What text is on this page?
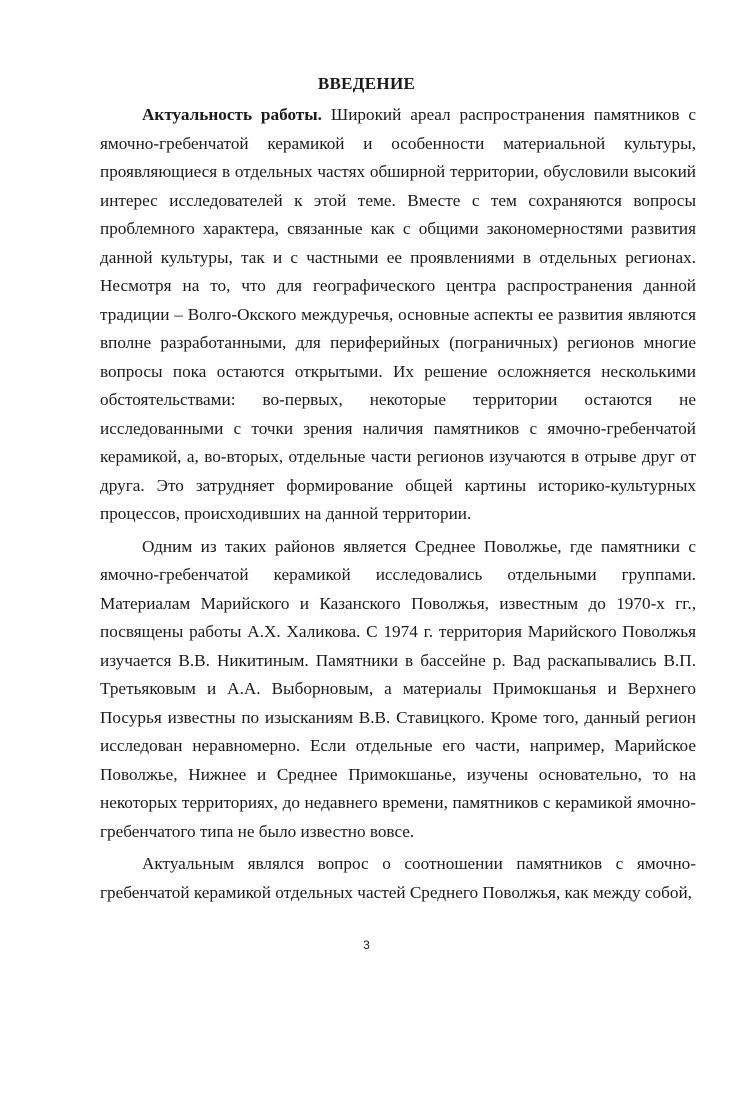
ВВЕДЕНИЕ

Актуальность работы. Широкий ареал распространения памятников с ямочно-гребенчатой керамикой и особенности материальной культуры, проявляющиеся в отдельных частях обширной территории, обусловили высокий интерес исследователей к этой теме. Вместе с тем сохраняются вопросы проблемного характера, связанные как с общими закономерностями развития данной культуры, так и с частными ее проявлениями в отдельных регионах. Несмотря на то, что для географического центра распространения данной традиции – Волго-Окского междуречья, основные аспекты ее развития являются вполне разработанными, для периферийных (пограничных) регионов многие вопросы пока остаются открытыми. Их решение осложняется несколькими обстоятельствами: во-первых, некоторые территории остаются не исследованными с точки зрения наличия памятников с ямочно-гребенчатой керамикой, а, во-вторых, отдельные части регионов изучаются в отрыве друг от друга. Это затрудняет формирование общей картины историко-культурных процессов, происходивших на данной территории.

Одним из таких районов является Среднее Поволжье, где памятники с ямочно-гребенчатой керамикой исследовались отдельными группами. Материалам Марийского и Казанского Поволжья, известным до 1970-х гг., посвящены работы А.Х. Халикова. С 1974 г. территория Марийского Поволжья изучается В.В. Никитиным. Памятники в бассейне р. Вад раскапывались В.П. Третьяковым и А.А. Выборновым, а материалы Примокшанья и Верхнего Посурья известны по изысканиям В.В. Ставицкого. Кроме того, данный регион исследован неравномерно. Если отдельные его части, например, Марийское Поволжье, Нижнее и Среднее Примокшанье, изучены основательно, то на некоторых территориях, до недавнего времени, памятников с керамикой ямочно-гребенчатого типа не было известно вовсе.

Актуальным являлся вопрос о соотношении памятников с ямочно-гребенчатой керамикой отдельных частей Среднего Поволжья, как между собой,

3
